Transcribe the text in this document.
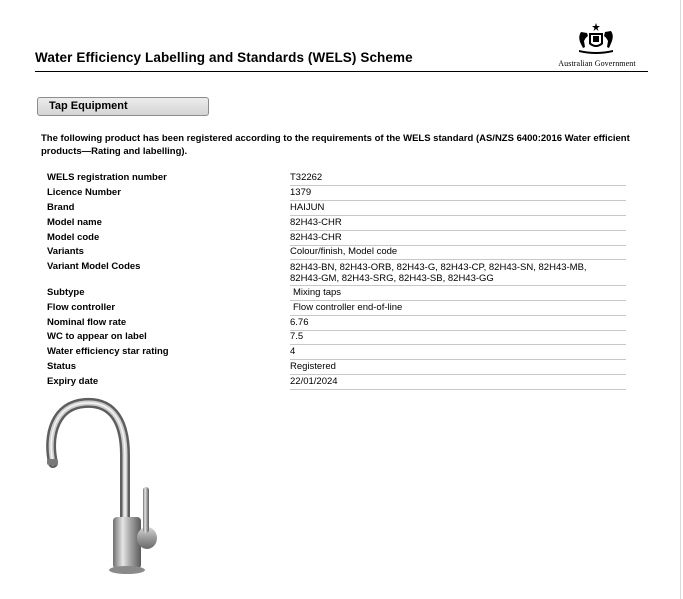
Water Efficiency Labelling and Standards (WELS) Scheme	Australian Government
Tap Equipment
The following product has been registered according to the requirements of the WELS standard (AS/NZS 6400:2016 Water efficient products—Rating and labelling).
WELS registration number	T32262
Licence Number	1379
Brand	HAIJUN
Model name	82H43-CHR
Model code	82H43-CHR
Variants	Colour/finish, Model code
Variant Model Codes	82H43-BN, 82H43-ORB, 82H43-G, 82H43-CP, 82H43-SN, 82H43-MB,
82H43-GM, 82H43-SRG, 82H43-SB, 82H43-GG
Subtype	Mixing taps
Flow controller	Flow controller end-of-line
Nominal flow rate	6.76
WC to appear on label	7.5
Water efficiency star rating	4
Status	Registered
Expiry date	22/01/2024
